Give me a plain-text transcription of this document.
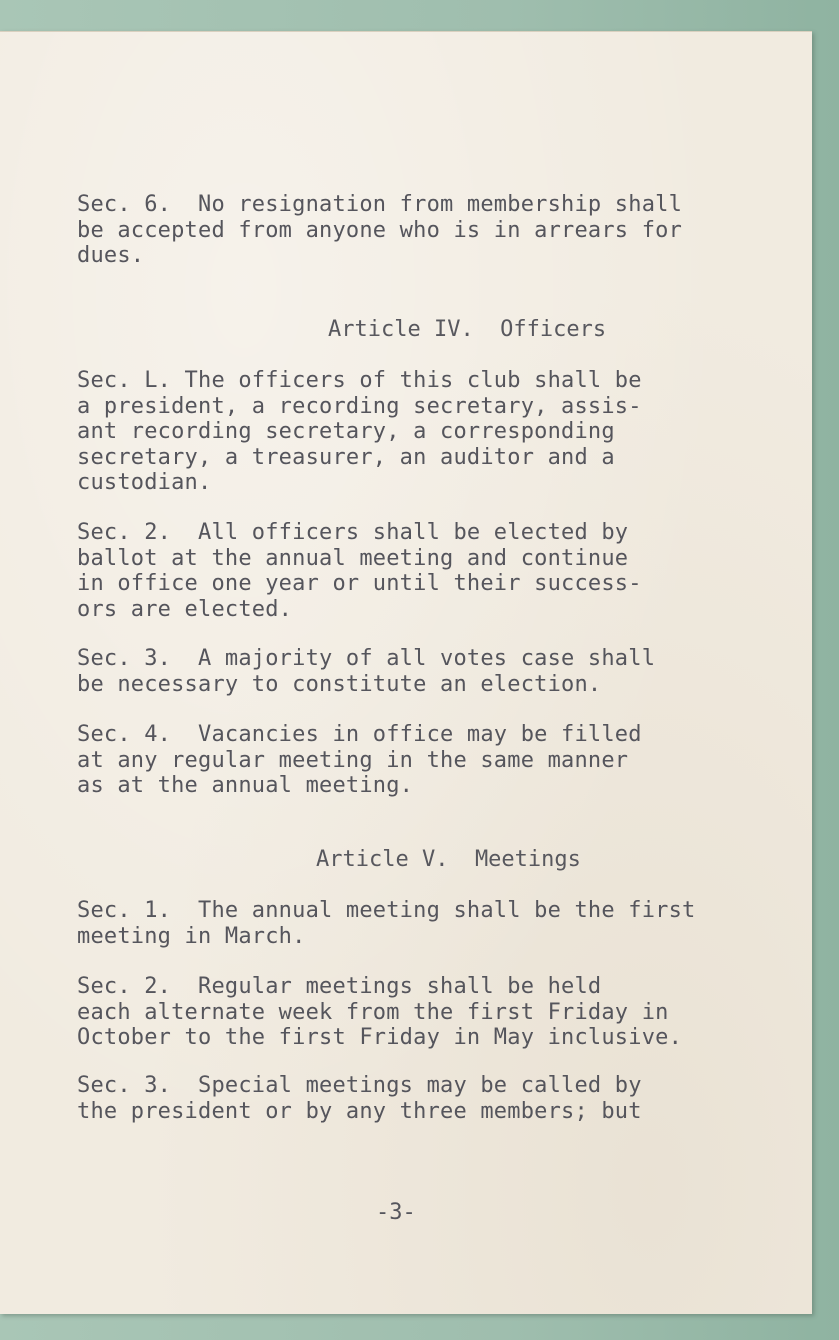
Sec. 6.  No resignation from membership shall
be accepted from anyone who is in arrears for
dues.

Article IV.  Officers

Sec. L. The officers of this club shall be
a president, a recording secretary, assis-
ant recording secretary, a corresponding
secretary, a treasurer, an auditor and a
custodian.

Sec. 2.  All officers shall be elected by
ballot at the annual meeting and continue
in office one year or until their success-
ors are elected.

Sec. 3.  A majority of all votes case shall
be necessary to constitute an election.

Sec. 4.  Vacancies in office may be filled
at any regular meeting in the same manner
as at the annual meeting.

Article V.  Meetings

Sec. 1.  The annual meeting shall be the first
meeting in March.

Sec. 2.  Regular meetings shall be held
each alternate week from the first Friday in
October to the first Friday in May inclusive.

Sec. 3.  Special meetings may be called by
the president or by any three members; but

-3-
